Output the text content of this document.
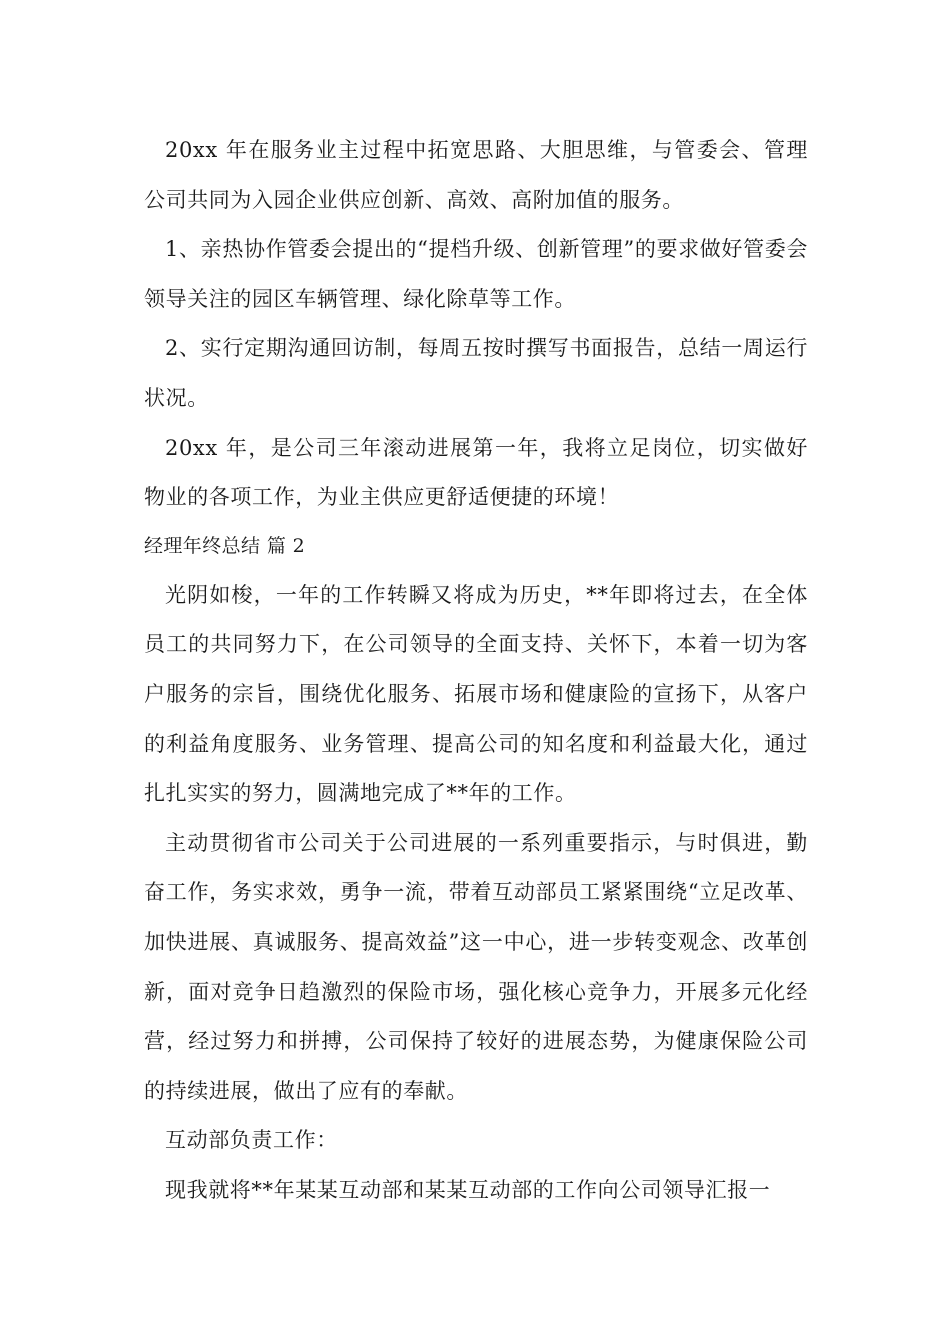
20xx 年在服务业主过程中拓宽思路、大胆思维，与管委会、管理公司共同为入园企业供应创新、高效、高附加值的服务。

1、亲热协作管委会提出的“提档升级、创新管理”的要求做好管委会领导关注的园区车辆管理、绿化除草等工作。

2、实行定期沟通回访制，每周五按时撰写书面报告，总结一周运行状况。

20xx 年，是公司三年滚动进展第一年，我将立足岗位，切实做好物业的各项工作，为业主供应更舒适便捷的环境！

经理年终总结 篇 2

光阴如梭，一年的工作转瞬又将成为历史，**年即将过去，在全体员工的共同努力下，在公司领导的全面支持、关怀下，本着一切为客户服务的宗旨，围绕优化服务、拓展市场和健康险的宣扬下，从客户的利益角度服务、业务管理、提高公司的知名度和利益最大化，通过扎扎实实的努力，圆满地完成了**年的工作。

主动贯彻省市公司关于公司进展的一系列重要指示，与时俱进，勤奋工作，务实求效，勇争一流，带着互动部员工紧紧围绕“立足改革、加快进展、真诚服务、提高效益”这一中心，进一步转变观念、改革创新，面对竞争日趋激烈的保险市场，强化核心竞争力，开展多元化经营，经过努力和拼搏，公司保持了较好的进展态势，为健康保险公司的持续进展，做出了应有的奉献。

互动部负责工作：

现我就将**年某某互动部和某某互动部的工作向公司领导汇报一
